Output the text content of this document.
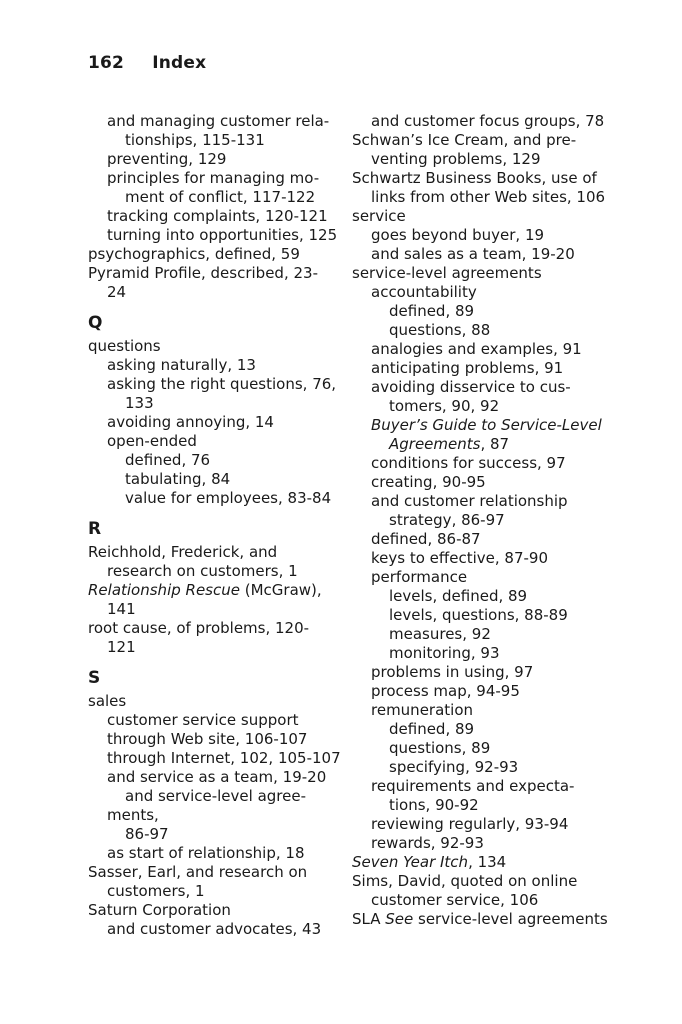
162 Index
and managing customer rela-
tionships, 115-131
preventing, 129
principles for managing mo-
ment of conflict, 117-122
tracking complaints, 120-121
turning into opportunities, 125
psychographics, defined, 59
Pyramid Profile, described, 23-
24
Q
questions
asking naturally, 13
asking the right questions, 76,
133
avoiding annoying, 14
open-ended
defined, 76
tabulating, 84
value for employees, 83-84
R
Reichhold, Frederick, and
research on customers, 1
Relationship Rescue (McGraw),
141
root cause, of problems, 120-
121
S
sales
customer service support
through Web site, 106-107
through Internet, 102, 105-107
and service as a team, 19-20
and service-level agree-
ments,
86-97
as start of relationship, 18
Sasser, Earl, and research on
customers, 1
Saturn Corporation
and customer advocates, 43
and customer focus groups, 78
Schwan’s Ice Cream, and pre-
venting problems, 129
Schwartz Business Books, use of
links from other Web sites, 106
service
goes beyond buyer, 19
and sales as a team, 19-20
service-level agreements
accountability
defined, 89
questions, 88
analogies and examples, 91
anticipating problems, 91
avoiding disservice to cus-
tomers, 90, 92
Buyer’s Guide to Service-Level
Agreements, 87
conditions for success, 97
creating, 90-95
and customer relationship
strategy, 86-97
defined, 86-87
keys to effective, 87-90
performance
levels, defined, 89
levels, questions, 88-89
measures, 92
monitoring, 93
problems in using, 97
process map, 94-95
remuneration
defined, 89
questions, 89
specifying, 92-93
requirements and expecta-
tions, 90-92
reviewing regularly, 93-94
rewards, 92-93
Seven Year Itch, 134
Sims, David, quoted on online
customer service, 106
SLA See service-level agreements
